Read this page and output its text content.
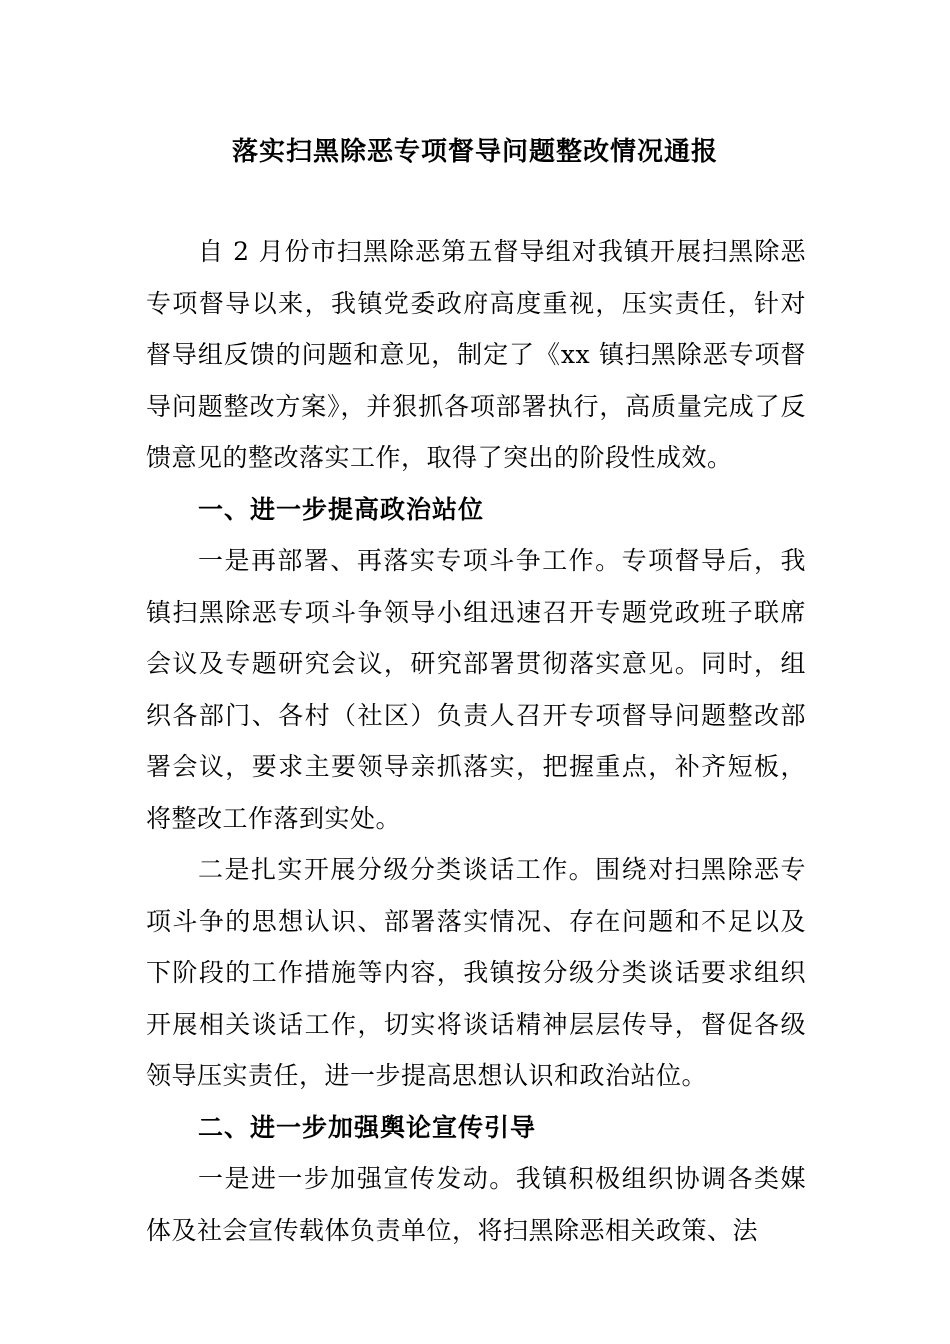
落实扫黑除恶专项督导问题整改情况通报

自 2 月份市扫黑除恶第五督导组对我镇开展扫黑除恶专项督导以来，我镇党委政府高度重视，压实责任，针对督导组反馈的问题和意见，制定了《xx 镇扫黑除恶专项督导问题整改方案》，并狠抓各项部署执行，高质量完成了反馈意见的整改落实工作，取得了突出的阶段性成效。

一、进一步提高政治站位

一是再部署、再落实专项斗争工作。专项督导后，我镇扫黑除恶专项斗争领导小组迅速召开专题党政班子联席会议及专题研究会议，研究部署贯彻落实意见。同时，组织各部门、各村（社区）负责人召开专项督导问题整改部署会议，要求主要领导亲抓落实，把握重点，补齐短板，将整改工作落到实处。

二是扎实开展分级分类谈话工作。围绕对扫黑除恶专项斗争的思想认识、部署落实情况、存在问题和不足以及下阶段的工作措施等内容，我镇按分级分类谈话要求组织开展相关谈话工作，切实将谈话精神层层传导，督促各级领导压实责任，进一步提高思想认识和政治站位。

二、进一步加强舆论宣传引导

一是进一步加强宣传发动。我镇积极组织协调各类媒体及社会宣传载体负责单位，将扫黑除恶相关政策、法
